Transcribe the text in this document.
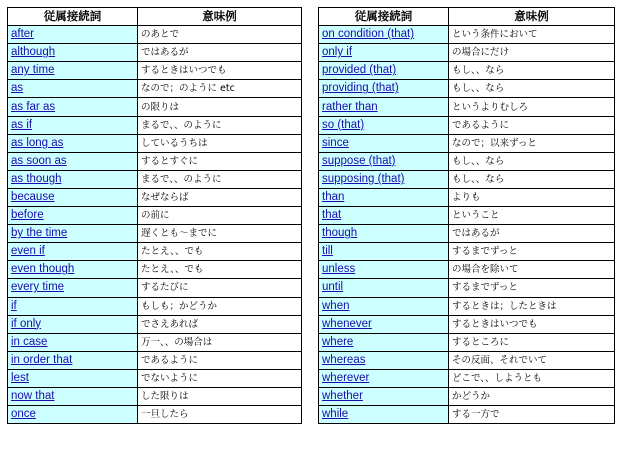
従属接続詞	意味例
after	のあとで
although	ではあるが
any time	するときはいつでも
as	なので；のように etc
as far as	の限りは
as if	まるで、、のように
as long as	しているうちは
as soon as	するとすぐに
as though	まるで、、のように
because	なぜならば
before	の前に
by the time	遅くとも～までに
even if	たとえ、、でも
even though	たとえ、、でも
every time	するたびに
if	もしも；かどうか
if only	でさえあれば
in case	万一、、の場合は
in order that	であるように
lest	でないように
now that	した限りは
once	一旦したら
従属接続詞	意味例
on condition (that)	という条件において
only if	の場合にだけ
provided (that)	もし、、なら
providing (that)	もし、、なら
rather than	というよりむしろ
so (that)	であるように
since	なので；以来ずっと
suppose (that)	もし、、なら
supposing (that)	もし、、なら
than	よりも
that	ということ
though	ではあるが
till	するまでずっと
unless	の場合を除いて
until	するまでずっと
when	するときは；したときは
whenever	するときはいつでも
where	するところに
whereas	その反面、それでいて
wherever	どこで、、しようとも
whether	かどうか
while	する一方で
